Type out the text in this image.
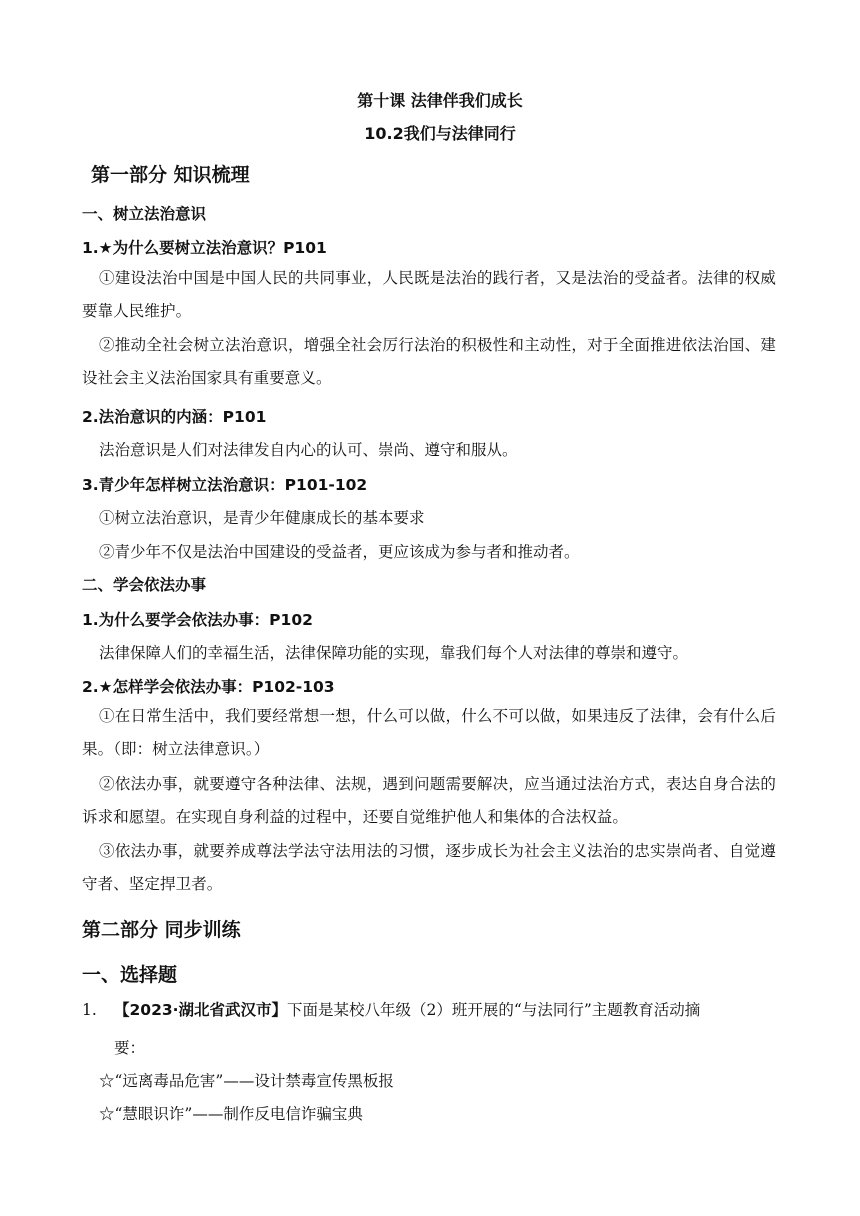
第十课 法律伴我们成长
10.2我们与法律同行
第一部分 知识梳理
一、树立法治意识
1.★为什么要树立法治意识？P101
①建设法治中国是中国人民的共同事业，人民既是法治的践行者，又是法治的受益者。法律的权威要靠人民维护。
②推动全社会树立法治意识，增强全社会厉行法治的积极性和主动性，对于全面推进依法治国、建设社会主义法治国家具有重要意义。
2.法治意识的内涵：P101
法治意识是人们对法律发自内心的认可、崇尚、遵守和服从。
3.青少年怎样树立法治意识：P101-102
①树立法治意识，是青少年健康成长的基本要求
②青少年不仅是法治中国建设的受益者，更应该成为参与者和推动者。
二、学会依法办事
1.为什么要学会依法办事：P102
法律保障人们的幸福生活，法律保障功能的实现，靠我们每个人对法律的尊崇和遵守。
2.★怎样学会依法办事：P102-103
①在日常生活中，我们要经常想一想，什么可以做，什么不可以做，如果违反了法律，会有什么后果。（即：树立法律意识。）
②依法办事，就要遵守各种法律、法规，遇到问题需要解决，应当通过法治方式，表达自身合法的诉求和愿望。在实现自身利益的过程中，还要自觉维护他人和集体的合法权益。
③依法办事，就要养成尊法学法守法用法的习惯，逐步成长为社会主义法治的忠实崇尚者、自觉遵守者、坚定捍卫者。
第二部分 同步训练
一、选择题
1. 【2023·湖北省武汉市】下面是某校八年级（2）班开展的“与法同行”主题教育活动摘
要：
☆“远离毒品危害”——设计禁毒宣传黑板报
☆“慧眼识诈”——制作反电信诈骗宝典
